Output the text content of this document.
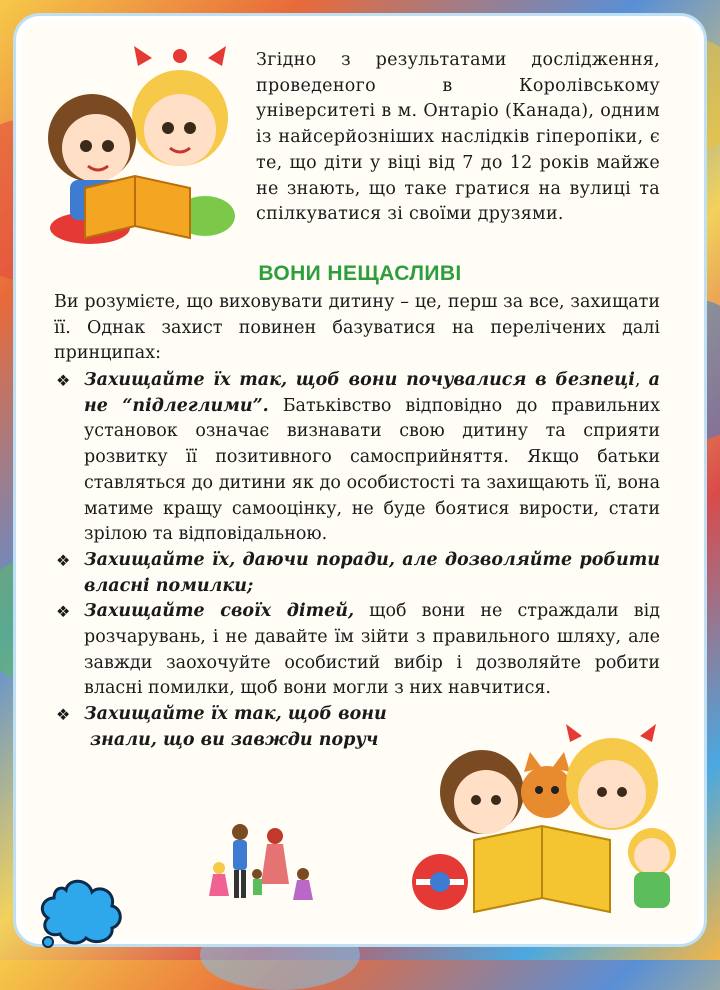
Згідно з результатами дослідження, проведеного в Королівському університеті в м. Онтаріо (Канада), одним із найсерйозніших наслідків гіперопіки, є те, що діти у віці від 7 до 12 років майже не знають, що таке гратися на вулиці та спілкуватися зі своїми друзями.
ВОНИ НЕЩАСЛИВІ
Ви розумієте, що виховувати дитину – це, перш за все, захищати її. Однак захист повинен базуватися на перелічених далі принципах:
❖ Захищайте їх так, щоб вони почувалися в безпеці, а не “підлеглими”. Батьківство відповідно до правильних установок означає визнавати свою дитину та сприяти розвитку її позитивного самосприйняття. Якщо батьки ставляться до дитини як до особистості та захищають її, вона матиме кращу самооцінку, не буде боятися вирости, стати зрілою та відповідальною.
❖ Захищайте їх, даючи поради, але дозволяйте робити власні помилки;
❖ Захищайте своїх дітей, щоб вони не страждали від розчарувань, і не давайте їм зійти з правильного шляху, але завжди заохочуйте особистий вибір і дозволяйте робити власні помилки, щоб вони могли з них навчитися.
❖ Захищайте їх так, щоб вони
знали, що ви завжди поруч
